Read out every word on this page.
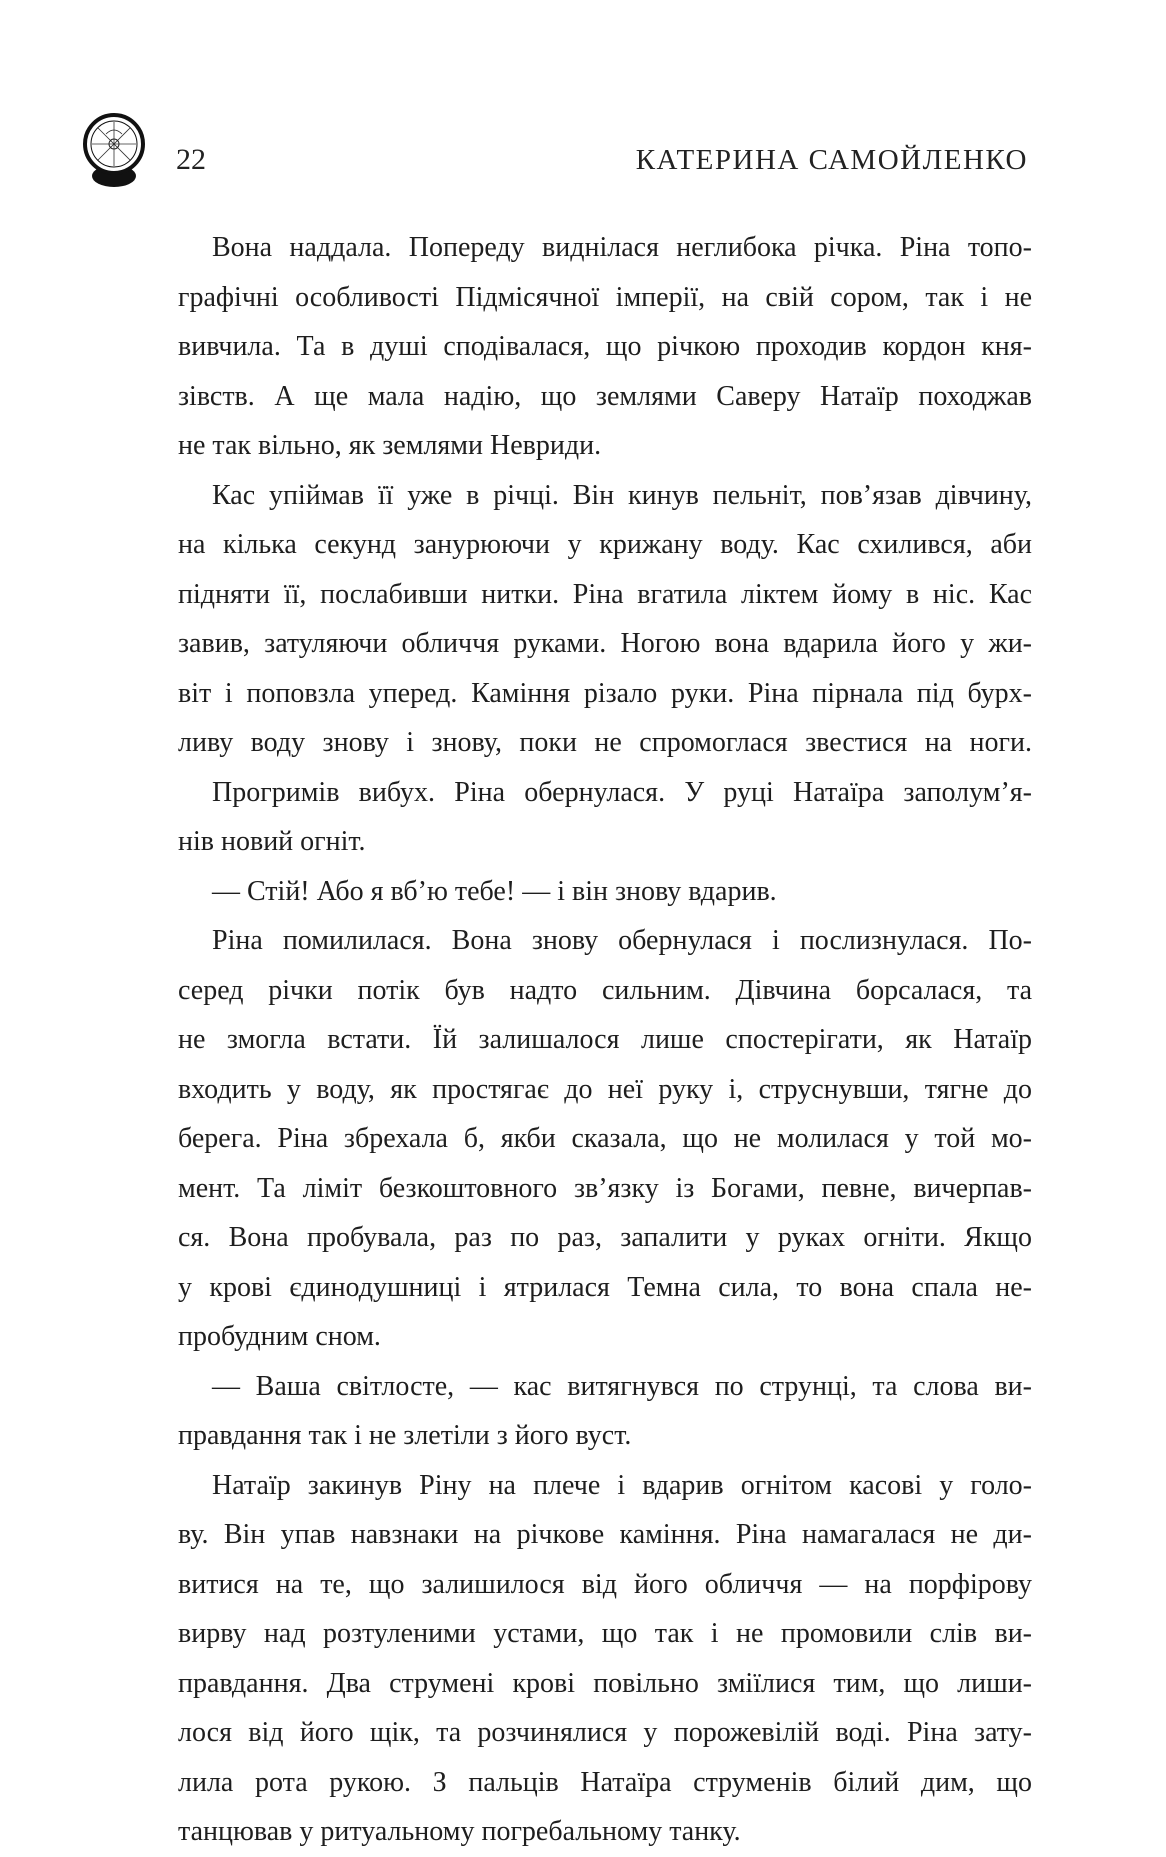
22	КАТЕРИНА САМОЙЛЕНКО
Вона наддала. Попереду виднілася неглибока річка. Ріна топо-
графічні особливості Підмісячної імперії, на свій сором, так і не
вивчила. Та в душі сподівалася, що річкою проходив кордон кня-
зівств. А ще мала надію, що землями Саверу Натаїр походжав
не так вільно, як землями Невриди.
Кас упіймав її уже в річці. Він кинув пельніт, пов’язав дівчину,
на кілька секунд занурюючи у крижану воду. Кас схилився, аби
підняти її, послабивши нитки. Ріна вгатила ліктем йому в ніс. Кас
завив, затуляючи обличчя руками. Ногою вона вдарила його у жи-
віт і поповзла уперед. Каміння різало руки. Ріна пірнала під бурх-
ливу воду знову і знову, поки не спромоглася звестися на ноги.
Прогримів вибух. Ріна обернулася. У руці Натаїра заполум’я-
нів новий огніт.
— Стій! Або я вб’ю тебе! — і він знову вдарив.
Ріна помилилася. Вона знову обернулася і послизнулася. По-
серед річки потік був надто сильним. Дівчина борсалася, та
не змогла встати. Їй залишалося лише спостерігати, як Натаїр
входить у воду, як простягає до неї руку і, струснувши, тягне до
берега. Ріна збрехала б, якби сказала, що не молилася у той мо-
мент. Та ліміт безкоштовного зв’язку із Богами, певне, вичерпав-
ся. Вона пробувала, раз по раз, запалити у руках огніти. Якщо
у крові єдинодушниці і ятрилася Темна сила, то вона спала не-
пробудним сном.
— Ваша світлосте, — кас витягнувся по струнці, та слова ви-
правдання так і не злетіли з його вуст.
Натаїр закинув Ріну на плече і вдарив огнітом касові у голо-
ву. Він упав навзнаки на річкове каміння. Ріна намагалася не ди-
витися на те, що залишилося від його обличчя — на порфірову
вирву над розтуленими устами, що так і не промовили слів ви-
правдання. Два струмені крові повільно зміїлися тим, що лиши-
лося від його щік, та розчинялися у порожевілій воді. Ріна зату-
лила рота рукою. З пальців Натаїра струменів білий дим, що
танцював у ритуальному погребальному танку.
